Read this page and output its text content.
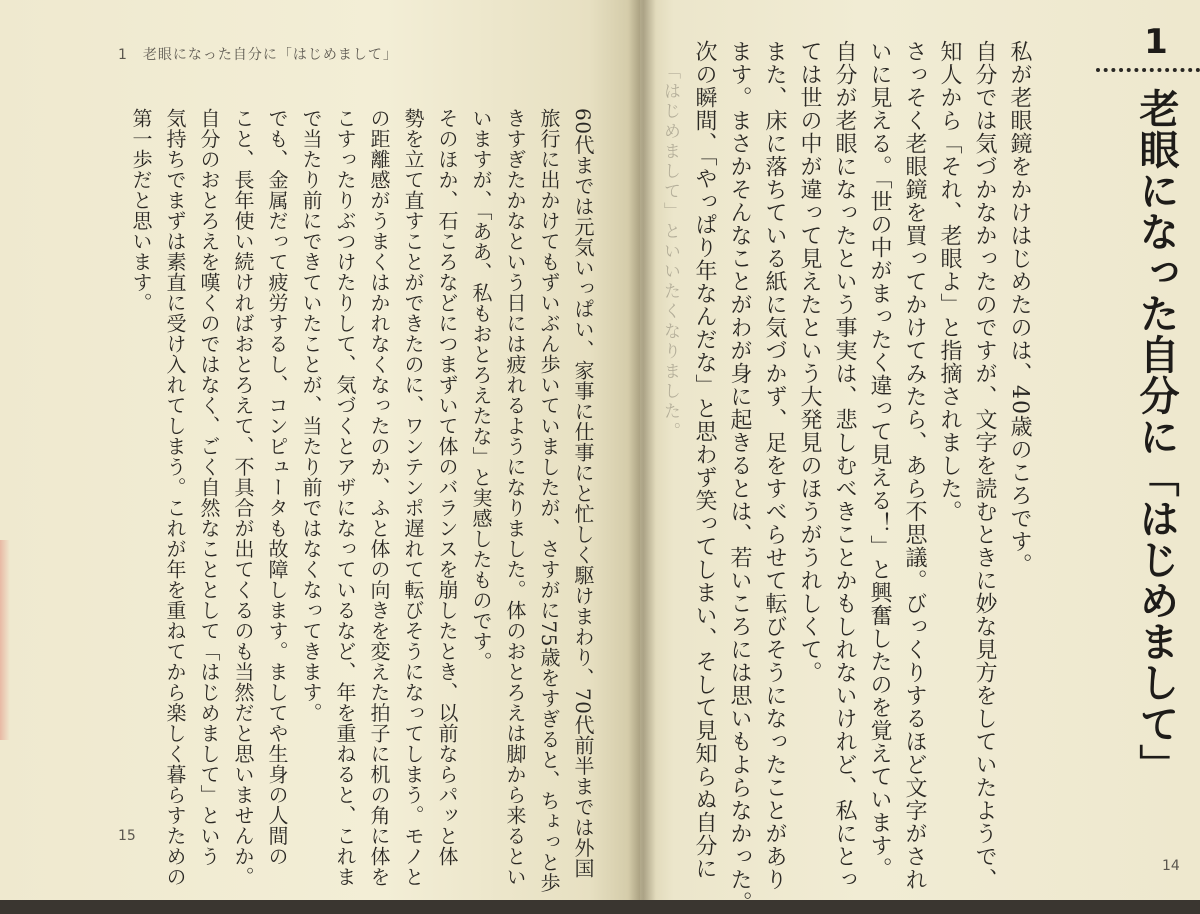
1　老眼になった自分に「はじめまして」
60代までは元気いっぱい、家事に仕事にと忙しく駆けまわり、70代前半までは外国
旅行に出かけてもずいぶん歩いていましたが、さすがに75歳をすぎると、ちょっと歩
きすぎたかなという日には疲れるようになりました。体のおとろえは脚から来るとい
いますが、「ああ、私もおとろえたな」と実感したものです。
そのほか、石ころなどにつまずいて体のバランスを崩したとき、以前ならパッと体
勢を立て直すことができたのに、ワンテンポ遅れて転びそうになってしまう。モノと
の距離感がうまくはかれなくなったのか、ふと体の向きを変えた拍子に机の角に体を
こすったりぶつけたりして、気づくとアザになっているなど、年を重ねると、これま
で当たり前にできていたことが、当たり前ではなくなってきます。
でも、金属だって疲労するし、コンピュータも故障します。ましてや生身の人間の
こと、長年使い続ければおとろえて、不具合が出てくるのも当然だと思いませんか。
自分のおとろえを嘆くのではなく、ごく自然なこととして「はじめまして」という
気持ちでまずは素直に受け入れてしまう。これが年を重ねてから楽しく暮らすための
第一歩だと思います。
15
「はじめまして」といいたくなりました。	私が老眼鏡をかけはじめたのは、40歳のころです。
自分では気づかなかったのですが、文字を読むときに妙な見方をしていたようで、
知人から「それ、老眼よ」と指摘されました。
さっそく老眼鏡を買ってかけてみたら、あら不思議。びっくりするほど文字がされ
いに見える。「世の中がまったく違って見える！」と興奮したのを覚えています。
自分が老眼になったという事実は、悲しむべきことかもしれないけれど、私にとっ
ては世の中が違って見えたという大発見のほうがうれしくて。
また、床に落ちている紙に気づかず、足をすべらせて転びそうになったことがあり
ます。まさかそんなことがわが身に起きるとは、若いころには思いもよらなかった。
次の瞬間、「やっぱり年なんだな」と思わず笑ってしまい、そして見知らぬ自分に	1
老眼になった自分に「はじめまして」
14
